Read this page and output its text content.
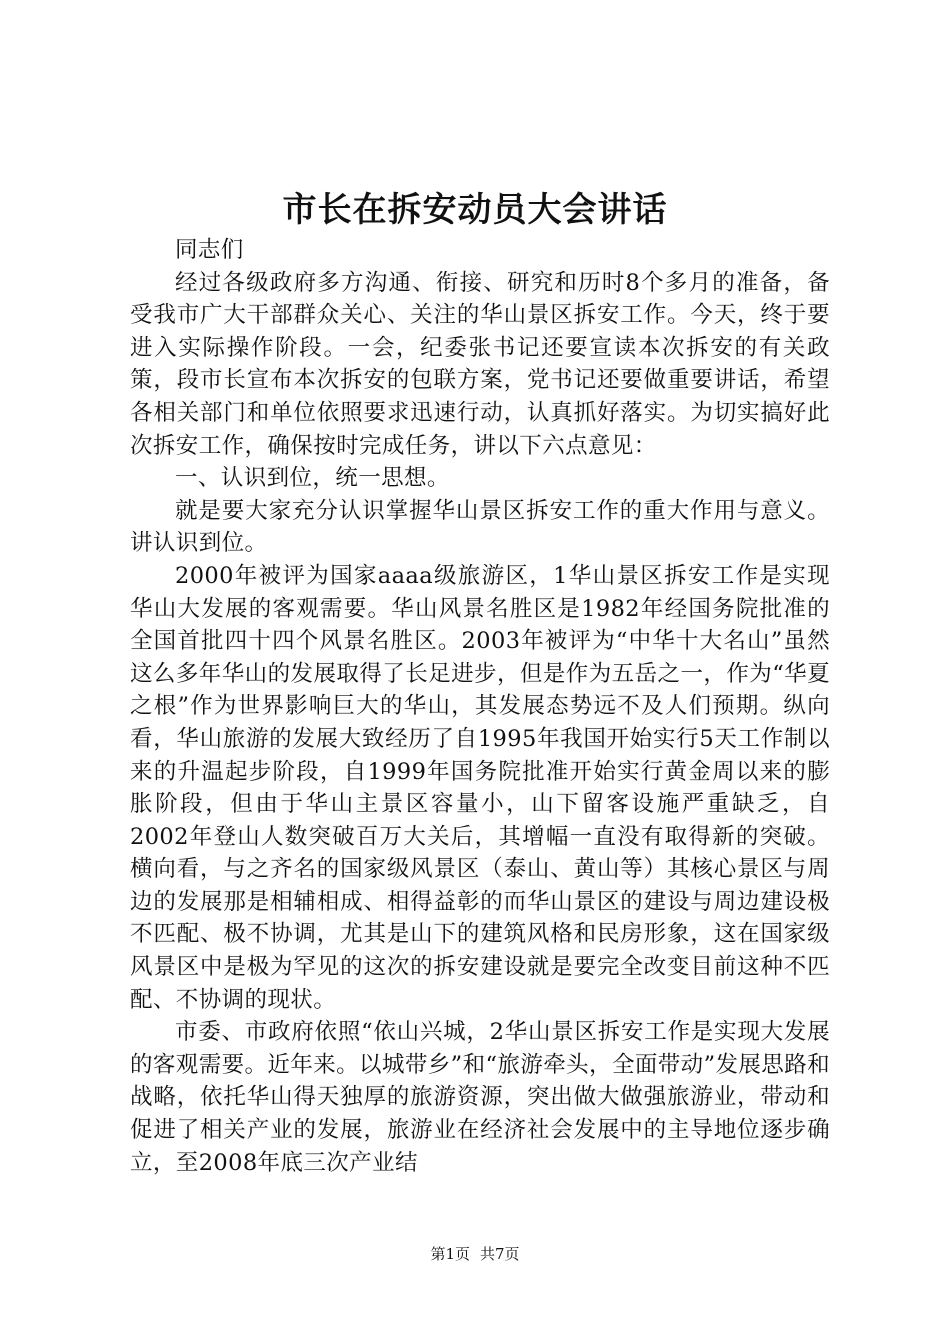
市长在拆安动员大会讲话

同志们

经过各级政府多方沟通、衔接、研究和历时8个多月的准备，备受我市广大干部群众关心、关注的华山景区拆安工作。今天，终于要进入实际操作阶段。一会，纪委张书记还要宣读本次拆安的有关政策，段市长宣布本次拆安的包联方案，党书记还要做重要讲话，希望各相关部门和单位依照要求迅速行动，认真抓好落实。为切实搞好此次拆安工作，确保按时完成任务，讲以下六点意见：

一、认识到位，统一思想。

就是要大家充分认识掌握华山景区拆安工作的重大作用与意义。讲认识到位。

2000年被评为国家aaaa级旅游区，1华山景区拆安工作是实现华山大发展的客观需要。华山风景名胜区是1982年经国务院批准的全国首批四十四个风景名胜区。2003年被评为“中华十大名山”虽然这么多年华山的发展取得了长足进步，但是作为五岳之一，作为“华夏之根”作为世界影响巨大的华山，其发展态势远不及人们预期。纵向看，华山旅游的发展大致经历了自1995年我国开始实行5天工作制以来的升温起步阶段，自1999年国务院批准开始实行黄金周以来的膨胀阶段，但由于华山主景区容量小，山下留客设施严重缺乏，自2002年登山人数突破百万大关后，其增幅一直没有取得新的突破。横向看，与之齐名的国家级风景区（泰山、黄山等）其核心景区与周边的发展那是相辅相成、相得益彰的而华山景区的建设与周边建设极不匹配、极不协调，尤其是山下的建筑风格和民房形象，这在国家级风景区中是极为罕见的这次的拆安建设就是要完全改变目前这种不匹配、不协调的现状。

市委、市政府依照“依山兴城，2华山景区拆安工作是实现大发展的客观需要。近年来。以城带乡”和“旅游牵头，全面带动”发展思路和战略，依托华山得天独厚的旅游资源，突出做大做强旅游业，带动和促进了相关产业的发展，旅游业在经济社会发展中的主导地位逐步确立，至2008年底三次产业结

第1页 共7页
